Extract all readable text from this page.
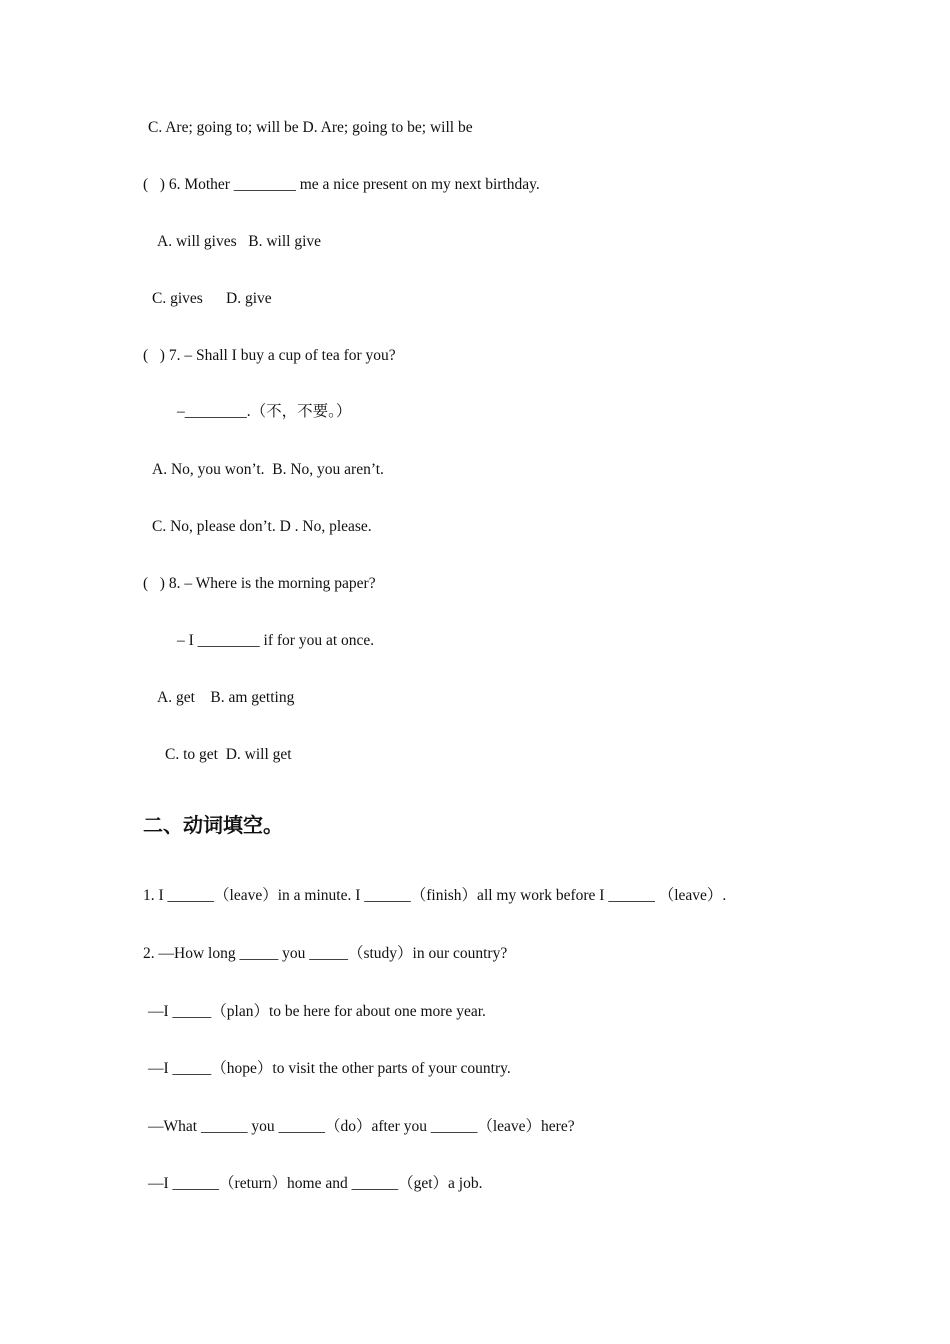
C. Are; going to; will be D. Are; going to be; will be
(   ) 6. Mother ________ me a nice present on my next birthday.
A. will gives   B. will give
C. gives      D. give
(   ) 7. – Shall I buy a cup of tea for you?
–________.（不，不要。）
A. No, you won’t.  B. No, you aren’t.
C. No, please don’t. D . No, please.
(   ) 8. – Where is the morning paper?
– I ________ if for you at once.
A. get    B. am getting
C. to get  D. will get
二、动词填空。
1. I ______（leave）in a minute. I ______（finish）all my work before I ______ （leave）.
2. —How long _____ you _____（study）in our country?
—I _____（plan）to be here for about one more year.
—I _____（hope）to visit the other parts of your country.
—What ______ you ______（do）after you ______（leave）here?
—I ______（return）home and ______（get）a job.
